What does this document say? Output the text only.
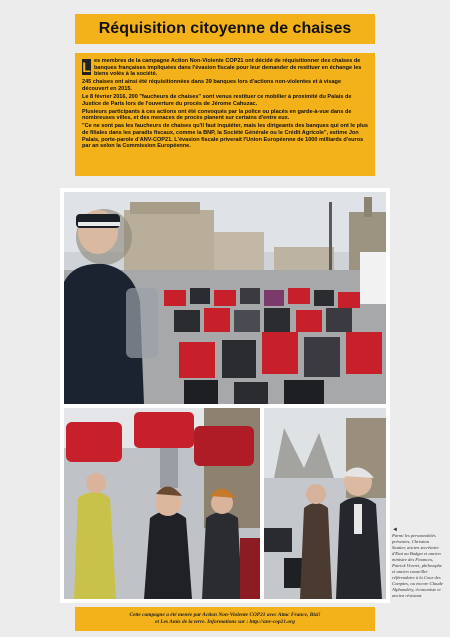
Réquisition citoyenne de chaises

L es membres de la campagne Action Non-Violente COP21 ont décidé de réquisitionner des chaises de banques françaises impliquées dans l'évasion fiscale pour leur demander de restituer en échange les biens volés à la société.

245 chaises ont ainsi été réquisitionnées dans 39 banques lors d'actions non-violentes et à visage découvert en 2015.

Le 8 février 2016, 200 "faucheurs de chaises" sont venus restituer ce mobilier à proximité du Palais de Justice de Paris lors de l'ouverture du procès de Jérome Cahuzac.

Plusieurs participants à ces actions ont été convoqués par la police ou placés en garde-à-vue dans de nombreuses villes, et des menaces de procès planent sur certains d'entre eux.

"Ce ne sont pas les faucheurs de chaises qu'il faut inquiéter, mais les dirigeants des banques qui ont le plus de filiales dans les paradis fiscaux, comme la BNP, la Société Générale ou le Crédit Agricole", estime Jon Palais, porte-parole d'ANV-COP21. L'évasion fiscale priverait l'Union Européenne de 1000 milliards d'euros par an selon la Commission Européenne.

◄
Parmi les personnalités présentes, Christian Sautter, ancien secrétaire d'Etat au Budget et ancien ministre des Finances, Patrick Viveret, philosophe et ancien conseiller référendaire à la Cour des Comptes, ou encore Claude Alphandéry, économiste et ancien résistant.
Cette campagne a été menée par Action Non-Violente COP21 avec Attac France, Bizi!
et Les Amis de la terre. Informations sur : http://anv-cop21.org
